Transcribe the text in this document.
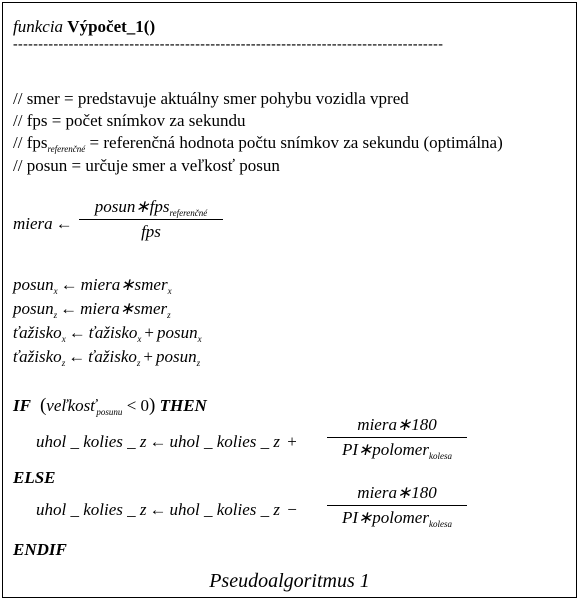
funkcia Výpočet_1()
-------------------------------------------------------------------------------------
// smer = predstavuje aktuálny smer pohybu vozidla vpred
// fps = počet snímkov za sekundu
// fps$_{referenčné}$ = referenčná hodnota počtu snímkov za sekundu (optimálna)
// posun = určuje smer a veľkosť posun
miera ←
posun∗fps$_{referenčné}$
fps
posun$_x$ ← miera∗smer$_x$
posun$_z$ ← miera∗smer$_z$
ťažisko$_x$ ← ťažisko$_x$ + posun$_x$
ťažisko$_z$ ← ťažisko$_z$ + posun$_z$
IF  (veľkosť$_{posunu}$ < 0) THEN
uhol _ kolies _ z ← uhol _ kolies _ z +
miera∗180
PI∗polomer$_{kolesa}$
ELSE
uhol _ kolies _ z ← uhol _ kolies _ z −
miera∗180
PI∗polomer$_{kolesa}$
ENDIF
Pseudoalgoritmus 1
